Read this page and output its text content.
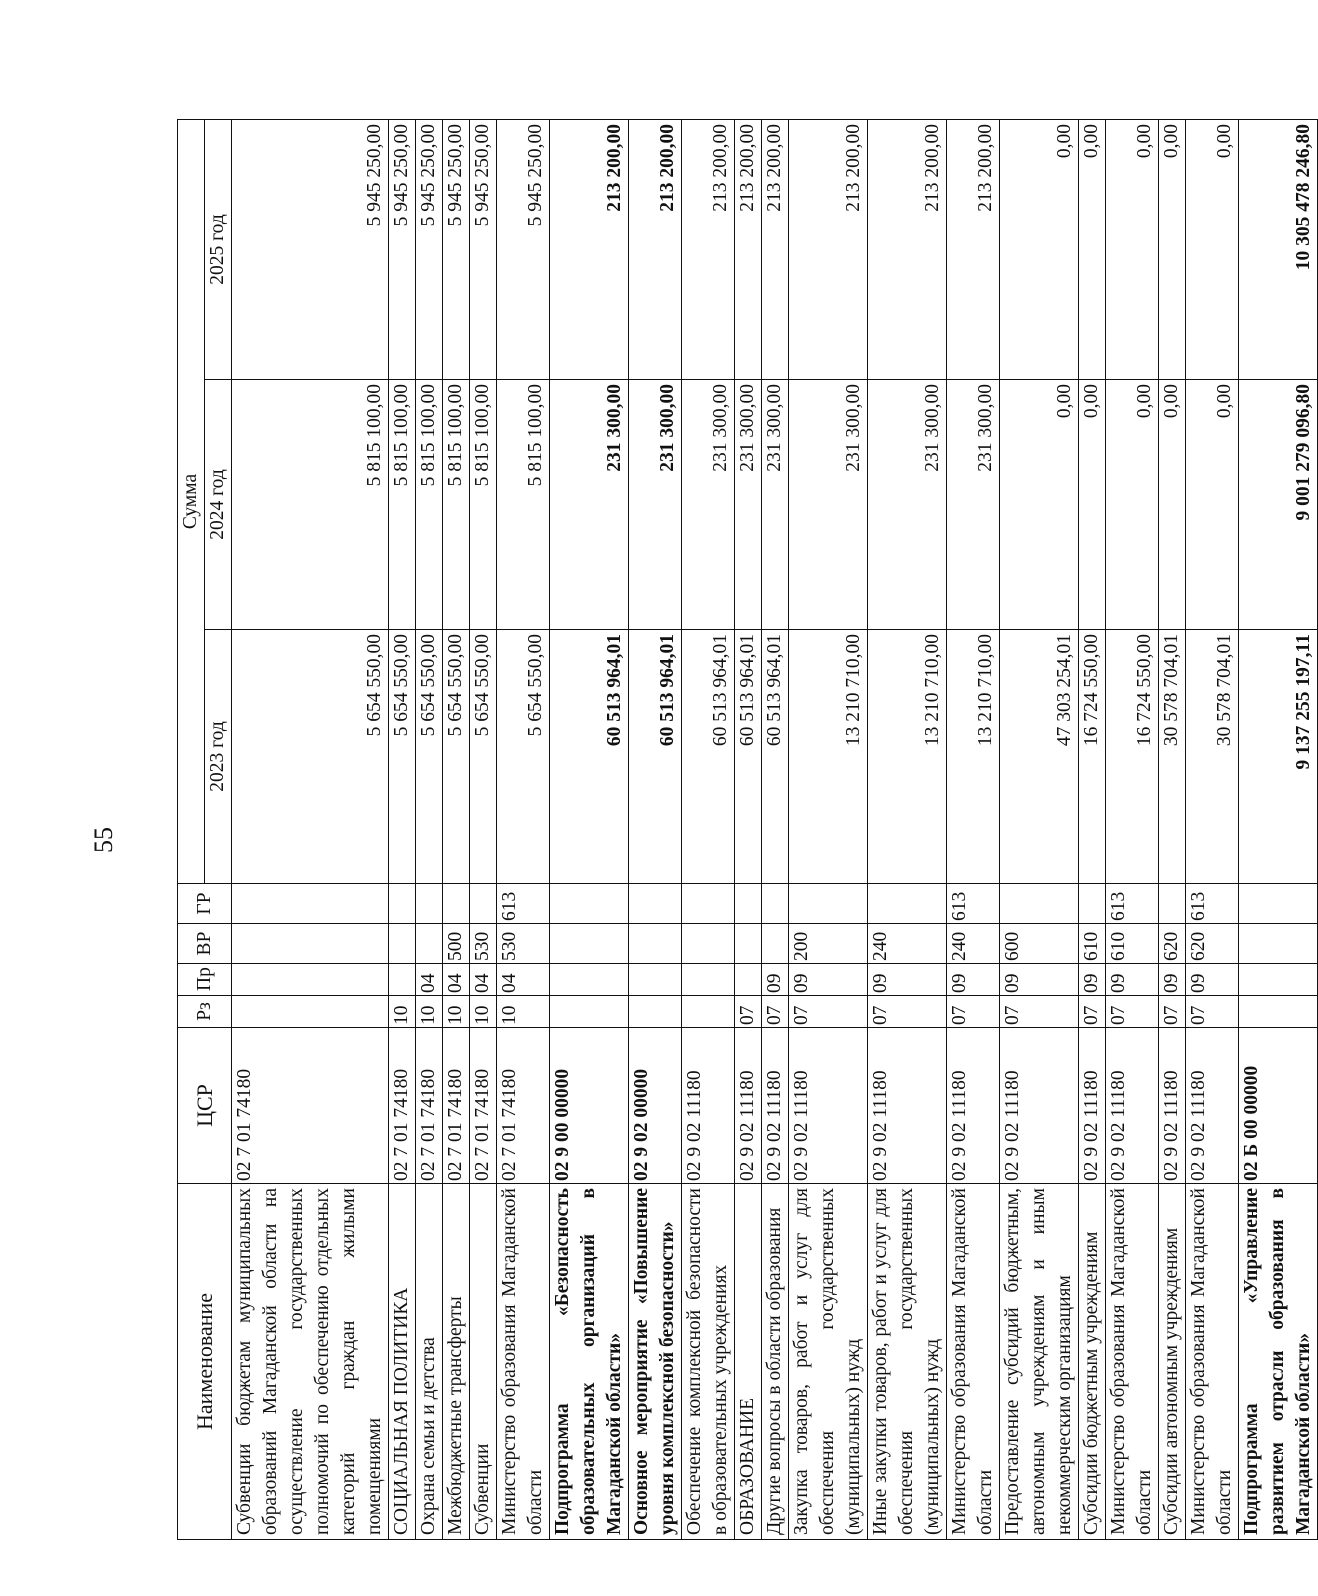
55
Наименование	ЦСР	Рз	Пр	ВР	ГР	Сумма		
						2023 год	2024 год	2025 год
Субвенции бюджетам муниципальных образований Магаданской области на осуществление государственных полномочий по обеспечению отдельных категорий граждан жилыми помещениями	02 7 01 74180					5 654 550,00	5 815 100,00	5 945 250,00
СОЦИАЛЬНАЯ ПОЛИТИКА	02 7 01 74180	10				5 654 550,00	5 815 100,00	5 945 250,00
Охрана семьи и детства	02 7 01 74180	10	04			5 654 550,00	5 815 100,00	5 945 250,00
Межбюджетные трансферты	02 7 01 74180	10	04	500		5 654 550,00	5 815 100,00	5 945 250,00
Субвенции	02 7 01 74180	10	04	530		5 654 550,00	5 815 100,00	5 945 250,00
Министерство образования Магаданской области	02 7 01 74180	10	04	530	613	5 654 550,00	5 815 100,00	5 945 250,00
Подпрограмма «Безопасность образовательных организаций в Магаданской области»	02 9 00 00000					60 513 964,01	231 300,00	213 200,00
Основное мероприятие «Повышение уровня комплексной безопасности»	02 9 02 00000					60 513 964,01	231 300,00	213 200,00
Обеспечение комплексной безопасности в образовательных учреждениях	02 9 02 11180					60 513 964,01	231 300,00	213 200,00
ОБРАЗОВАНИЕ	02 9 02 11180	07				60 513 964,01	231 300,00	213 200,00
Другие вопросы в области образования	02 9 02 11180	07	09			60 513 964,01	231 300,00	213 200,00
Закупка товаров, работ и услуг для обеспечения государственных (муниципальных) нужд	02 9 02 11180	07	09	200		13 210 710,00	231 300,00	213 200,00
Иные закупки товаров, работ и услуг для обеспечения государственных (муниципальных) нужд	02 9 02 11180	07	09	240		13 210 710,00	231 300,00	213 200,00
Министерство образования Магаданской области	02 9 02 11180	07	09	240	613	13 210 710,00	231 300,00	213 200,00
Предоставление субсидий бюджетным, автономным учреждениям и иным некоммерческим организациям	02 9 02 11180	07	09	600		47 303 254,01	0,00	0,00
Субсидии бюджетным учреждениям	02 9 02 11180	07	09	610		16 724 550,00	0,00	0,00
Министерство образования Магаданской области	02 9 02 11180	07	09	610	613	16 724 550,00	0,00	0,00
Субсидии автономным учреждениям	02 9 02 11180	07	09	620		30 578 704,01	0,00	0,00
Министерство образования Магаданской области	02 9 02 11180	07	09	620	613	30 578 704,01	0,00	0,00
Подпрограмма «Управление развитием отрасли образования в Магаданской области»	02 Б 00 00000					9 137 255 197,11	9 001 279 096,80	10 305 478 246,80
